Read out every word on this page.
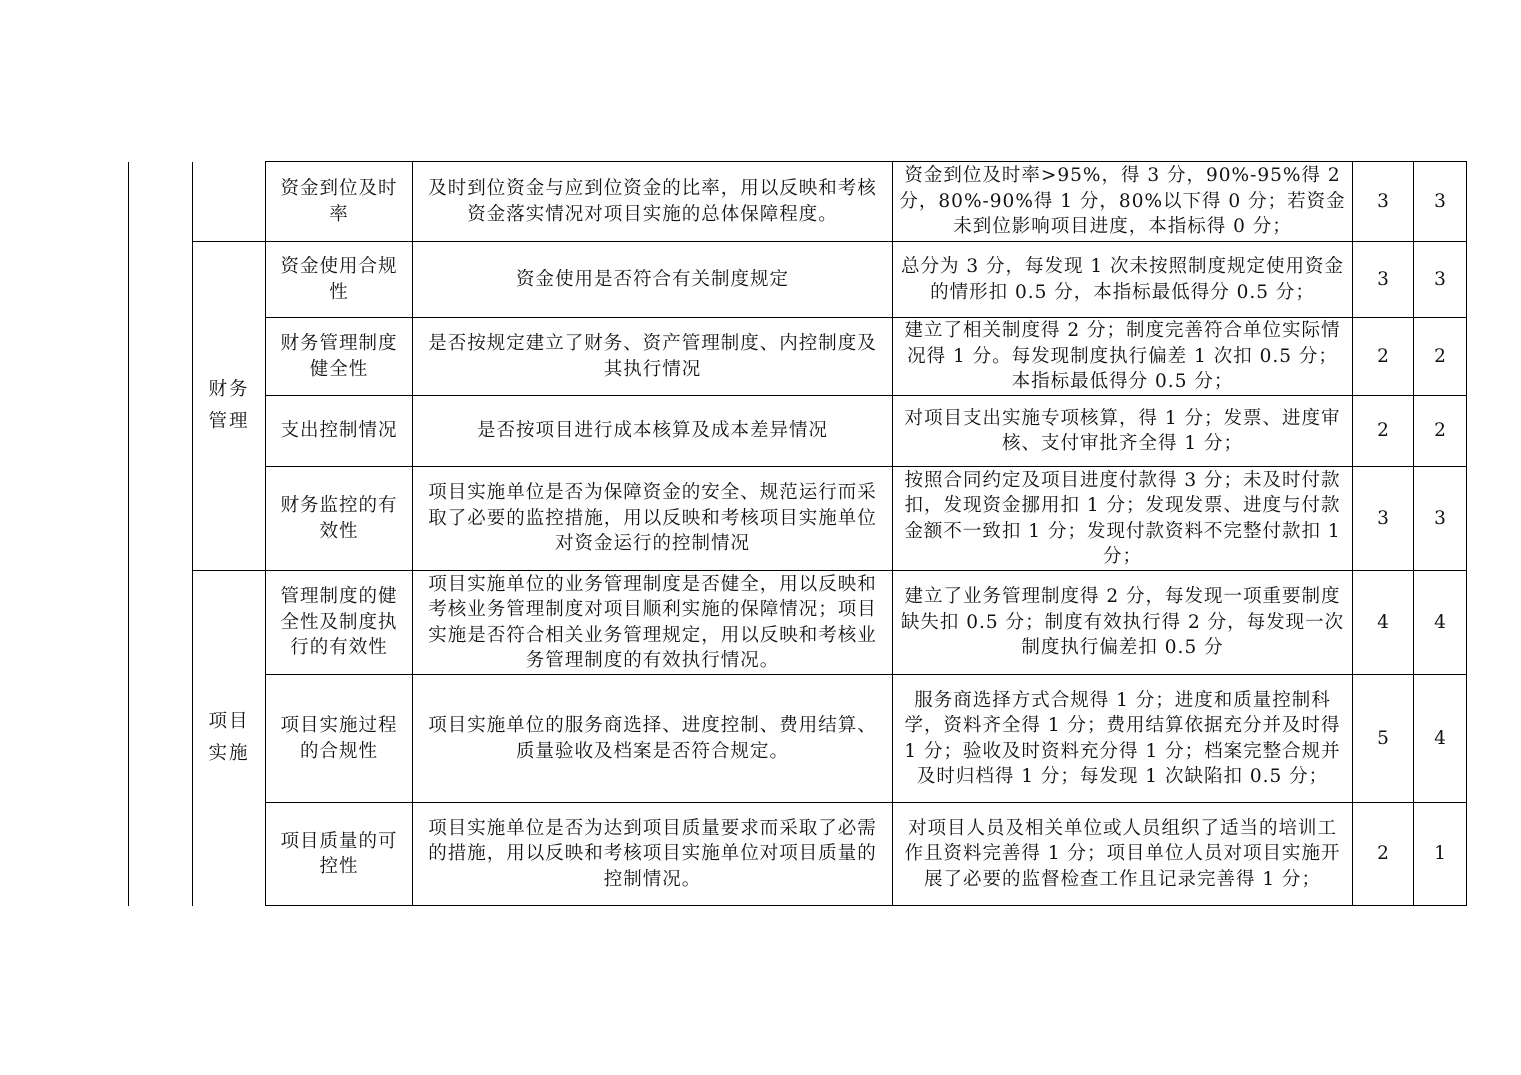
		资金到位及时率	及时到位资金与应到位资金的比率，用以反映和考核资金落实情况对项目实施的总体保障程度。	资金到位及时率>95%，得 3 分，90%-95%得 2 分，80%-90%得 1 分，80%以下得 0 分；若资金未到位影响项目进度，本指标得 0 分；	3	3
	财务管理	资金使用合规性	资金使用是否符合有关制度规定	总分为 3 分，每发现 1 次未按照制度规定使用资金的情形扣 0.5 分，本指标最低得分 0.5 分；	3	3
		财务管理制度健全性	是否按规定建立了财务、资产管理制度、内控制度及其执行情况	建立了相关制度得 2 分；制度完善符合单位实际情况得 1 分。每发现制度执行偏差 1 次扣 0.5 分；本指标最低得分 0.5 分；	2	2
		支出控制情况	是否按项目进行成本核算及成本差异情况	对项目支出实施专项核算，得 1 分；发票、进度审核、支付审批齐全得 1 分；	2	2
		财务监控的有效性	项目实施单位是否为保障资金的安全、规范运行而采取了必要的监控措施，用以反映和考核项目实施单位对资金运行的控制情况	按照合同约定及项目进度付款得 3 分；未及时付款扣，发现资金挪用扣 1 分；发现发票、进度与付款金额不一致扣 1 分；发现付款资料不完整付款扣 1 分；	3	3
	项目实施	管理制度的健全性及制度执行的有效性	项目实施单位的业务管理制度是否健全，用以反映和考核业务管理制度对项目顺利实施的保障情况；项目实施是否符合相关业务管理规定，用以反映和考核业务管理制度的有效执行情况。	建立了业务管理制度得 2 分，每发现一项重要制度缺失扣 0.5 分；制度有效执行得 2 分，每发现一次制度执行偏差扣 0.5 分	4	4
		项目实施过程的合规性	项目实施单位的服务商选择、进度控制、费用结算、质量验收及档案是否符合规定。	服务商选择方式合规得 1 分；进度和质量控制科学，资料齐全得 1 分；费用结算依据充分并及时得 1 分；验收及时资料充分得 1 分；档案完整合规并及时归档得 1 分；每发现 1 次缺陷扣 0.5 分；	5	4
		项目质量的可控性	项目实施单位是否为达到项目质量要求而采取了必需的措施，用以反映和考核项目实施单位对项目质量的控制情况。	对项目人员及相关单位或人员组织了适当的培训工作且资料完善得 1 分；项目单位人员对项目实施开展了必要的监督检查工作且记录完善得 1 分；	2	1
